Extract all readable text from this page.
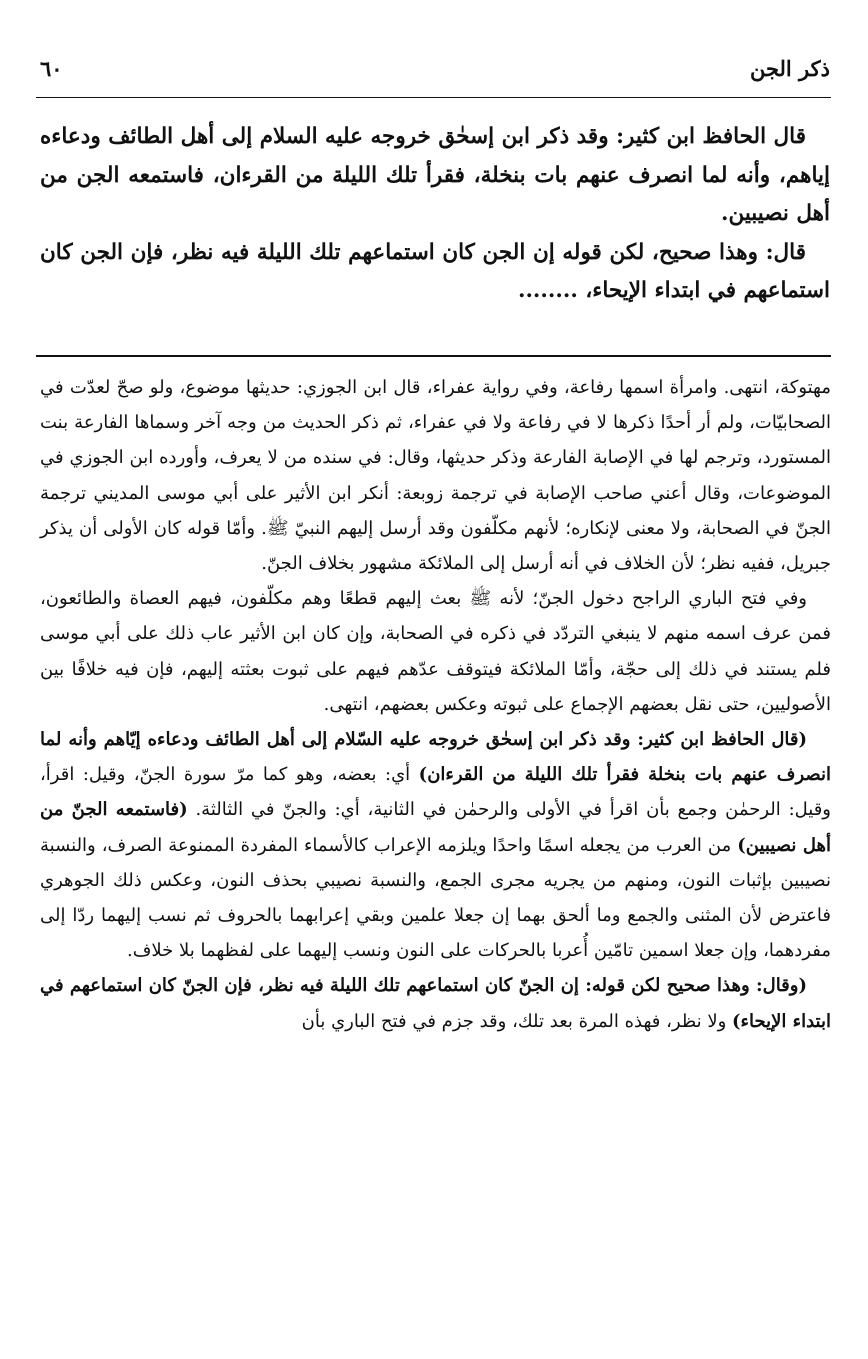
ذكر الجن
٦٠

قال الحافظ ابن كثير: وقد ذكر ابن إسحٰق خروجه عليه السلام إلى أهل الطائف ودعاءه إياهم، وأنه لما انصرف عنهم بات بنخلة، فقرأ تلك الليلة من القرءان، فاستمعه الجن من أهل نصيبين.

قال: وهذا صحيح، لكن قوله إن الجن كان استماعهم تلك الليلة فيه نظر، فإن الجن كان استماعهم في ابتداء الإيحاء، ........

مهتوكة، انتهى. وامرأة اسمها رفاعة، وفي رواية عفراء، قال ابن الجوزي: حديثها موضوع، ولو صحّ لعدّت في الصحابيّات، ولم أر أحدًا ذكرها لا في رفاعة ولا في عفراء، ثم ذكر الحديث من وجه آخر وسماها الفارعة بنت المستورد، وترجم لها في الإصابة الفارعة وذكر حديثها، وقال: في سنده من لا يعرف، وأورده ابن الجوزي في الموضوعات، وقال أعني صاحب الإصابة في ترجمة زوبعة: أنكر ابن الأثير على أبي موسى المديني ترجمة الجنّ في الصحابة، ولا معنى لإنكاره؛ لأنهم مكلّفون وقد أرسل إليهم النبيّ ﷺ. وأمّا قوله كان الأولى أن يذكر جبريل، ففيه نظر؛ لأن الخلاف في أنه أرسل إلى الملائكة مشهور بخلاف الجنّ.

وفي فتح الباري الراجح دخول الجنّ؛ لأنه ﷺ بعث إليهم قطعًا وهم مكلّفون، فيهم العصاة والطائعون، فمن عرف اسمه منهم لا ينبغي التردّد في ذكره في الصحابة، وإن كان ابن الأثير عاب ذلك على أبي موسى فلم يستند في ذلك إلى حجّة، وأمّا الملائكة فيتوقف عدّهم فيهم على ثبوت بعثته إليهم، فإن فيه خلافًا بين الأصوليين، حتى نقل بعضهم الإجماع على ثبوته وعكس بعضهم، انتهى.

(قال الحافظ ابن كثير: وقد ذكر ابن إسحٰق خروجه عليه السّلام إلى أهل الطائف ودعاءه إيّاهم وأنه لما انصرف عنهم بات بنخلة فقرأ تلك الليلة من القرءان) أي: بعضه، وهو كما مرّ سورة الجنّ، وقيل: اقرأ، وقيل: الرحمٰن وجمع بأن اقرأ في الأولى والرحمٰن في الثانية، أي: والجنّ في الثالثة. (فاستمعه الجنّ من أهل نصيبين) من العرب من يجعله اسمًا واحدًا ويلزمه الإعراب كالأسماء المفردة الممنوعة الصرف، والنسبة نصيبين بإثبات النون، ومنهم من يجريه مجرى الجمع، والنسبة نصيبي بحذف النون، وعكس ذلك الجوهري فاعترض لأن المثنى والجمع وما ألحق بهما إن جعلا علمين وبقي إعرابهما بالحروف ثم نسب إليهما ردّا إلى مفردهما، وإن جعلا اسمين تامّين أُعربا بالحركات على النون ونسب إليهما على لفظهما بلا خلاف.

(وقال: وهذا صحيح لكن قوله: إن الجنّ كان استماعهم تلك الليلة فيه نظر، فإن الجنّ كان استماعهم في ابتداء الإيحاء) ولا نظر، فهذه المرة بعد تلك، وقد جزم في فتح الباري بأن
